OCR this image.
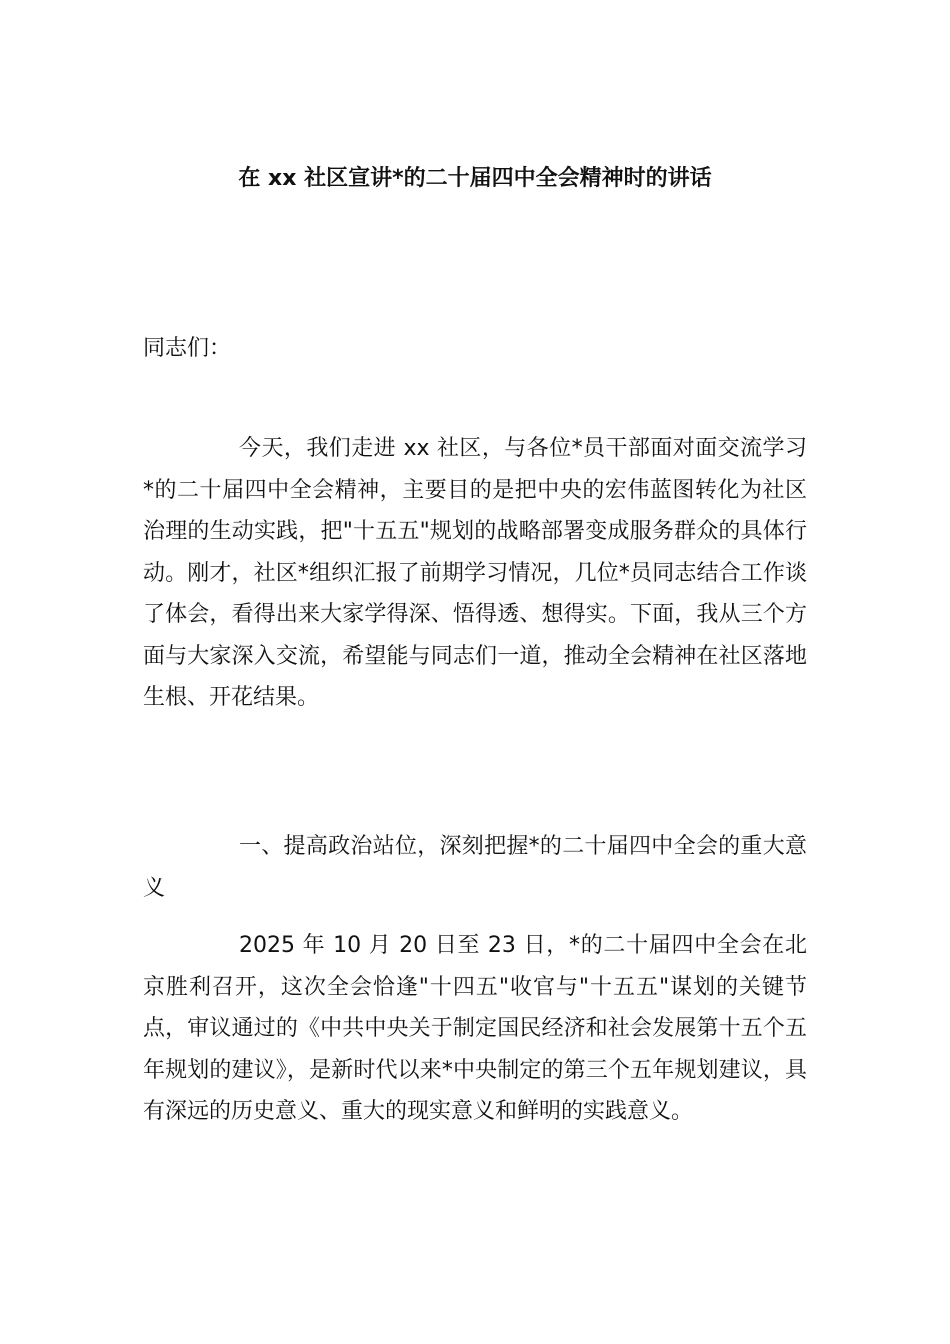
在 xx 社区宣讲*的二十届四中全会精神时的讲话
同志们：

今天，我们走进 xx 社区，与各位*员干部面对面交流学习*的二十届四中全会精神，主要目的是把中央的宏伟蓝图转化为社区治理的生动实践，把"十五五"规划的战略部署变成服务群众的具体行动。刚才，社区*组织汇报了前期学习情况，几位*员同志结合工作谈了体会，看得出来大家学得深、悟得透、想得实。下面，我从三个方面与大家深入交流，希望能与同志们一道，推动全会精神在社区落地生根、开花结果。

一、提高政治站位，深刻把握*的二十届四中全会的重大意义

2025 年 10 月 20 日至 23 日，*的二十届四中全会在北京胜利召开，这次全会恰逢"十四五"收官与"十五五"谋划的关键节点，审议通过的《中共中央关于制定国民经济和社会发展第十五个五年规划的建议》，是新时代以来*中央制定的第三个五年规划建议，具有深远的历史意义、重大的现实意义和鲜明的实践意义。
